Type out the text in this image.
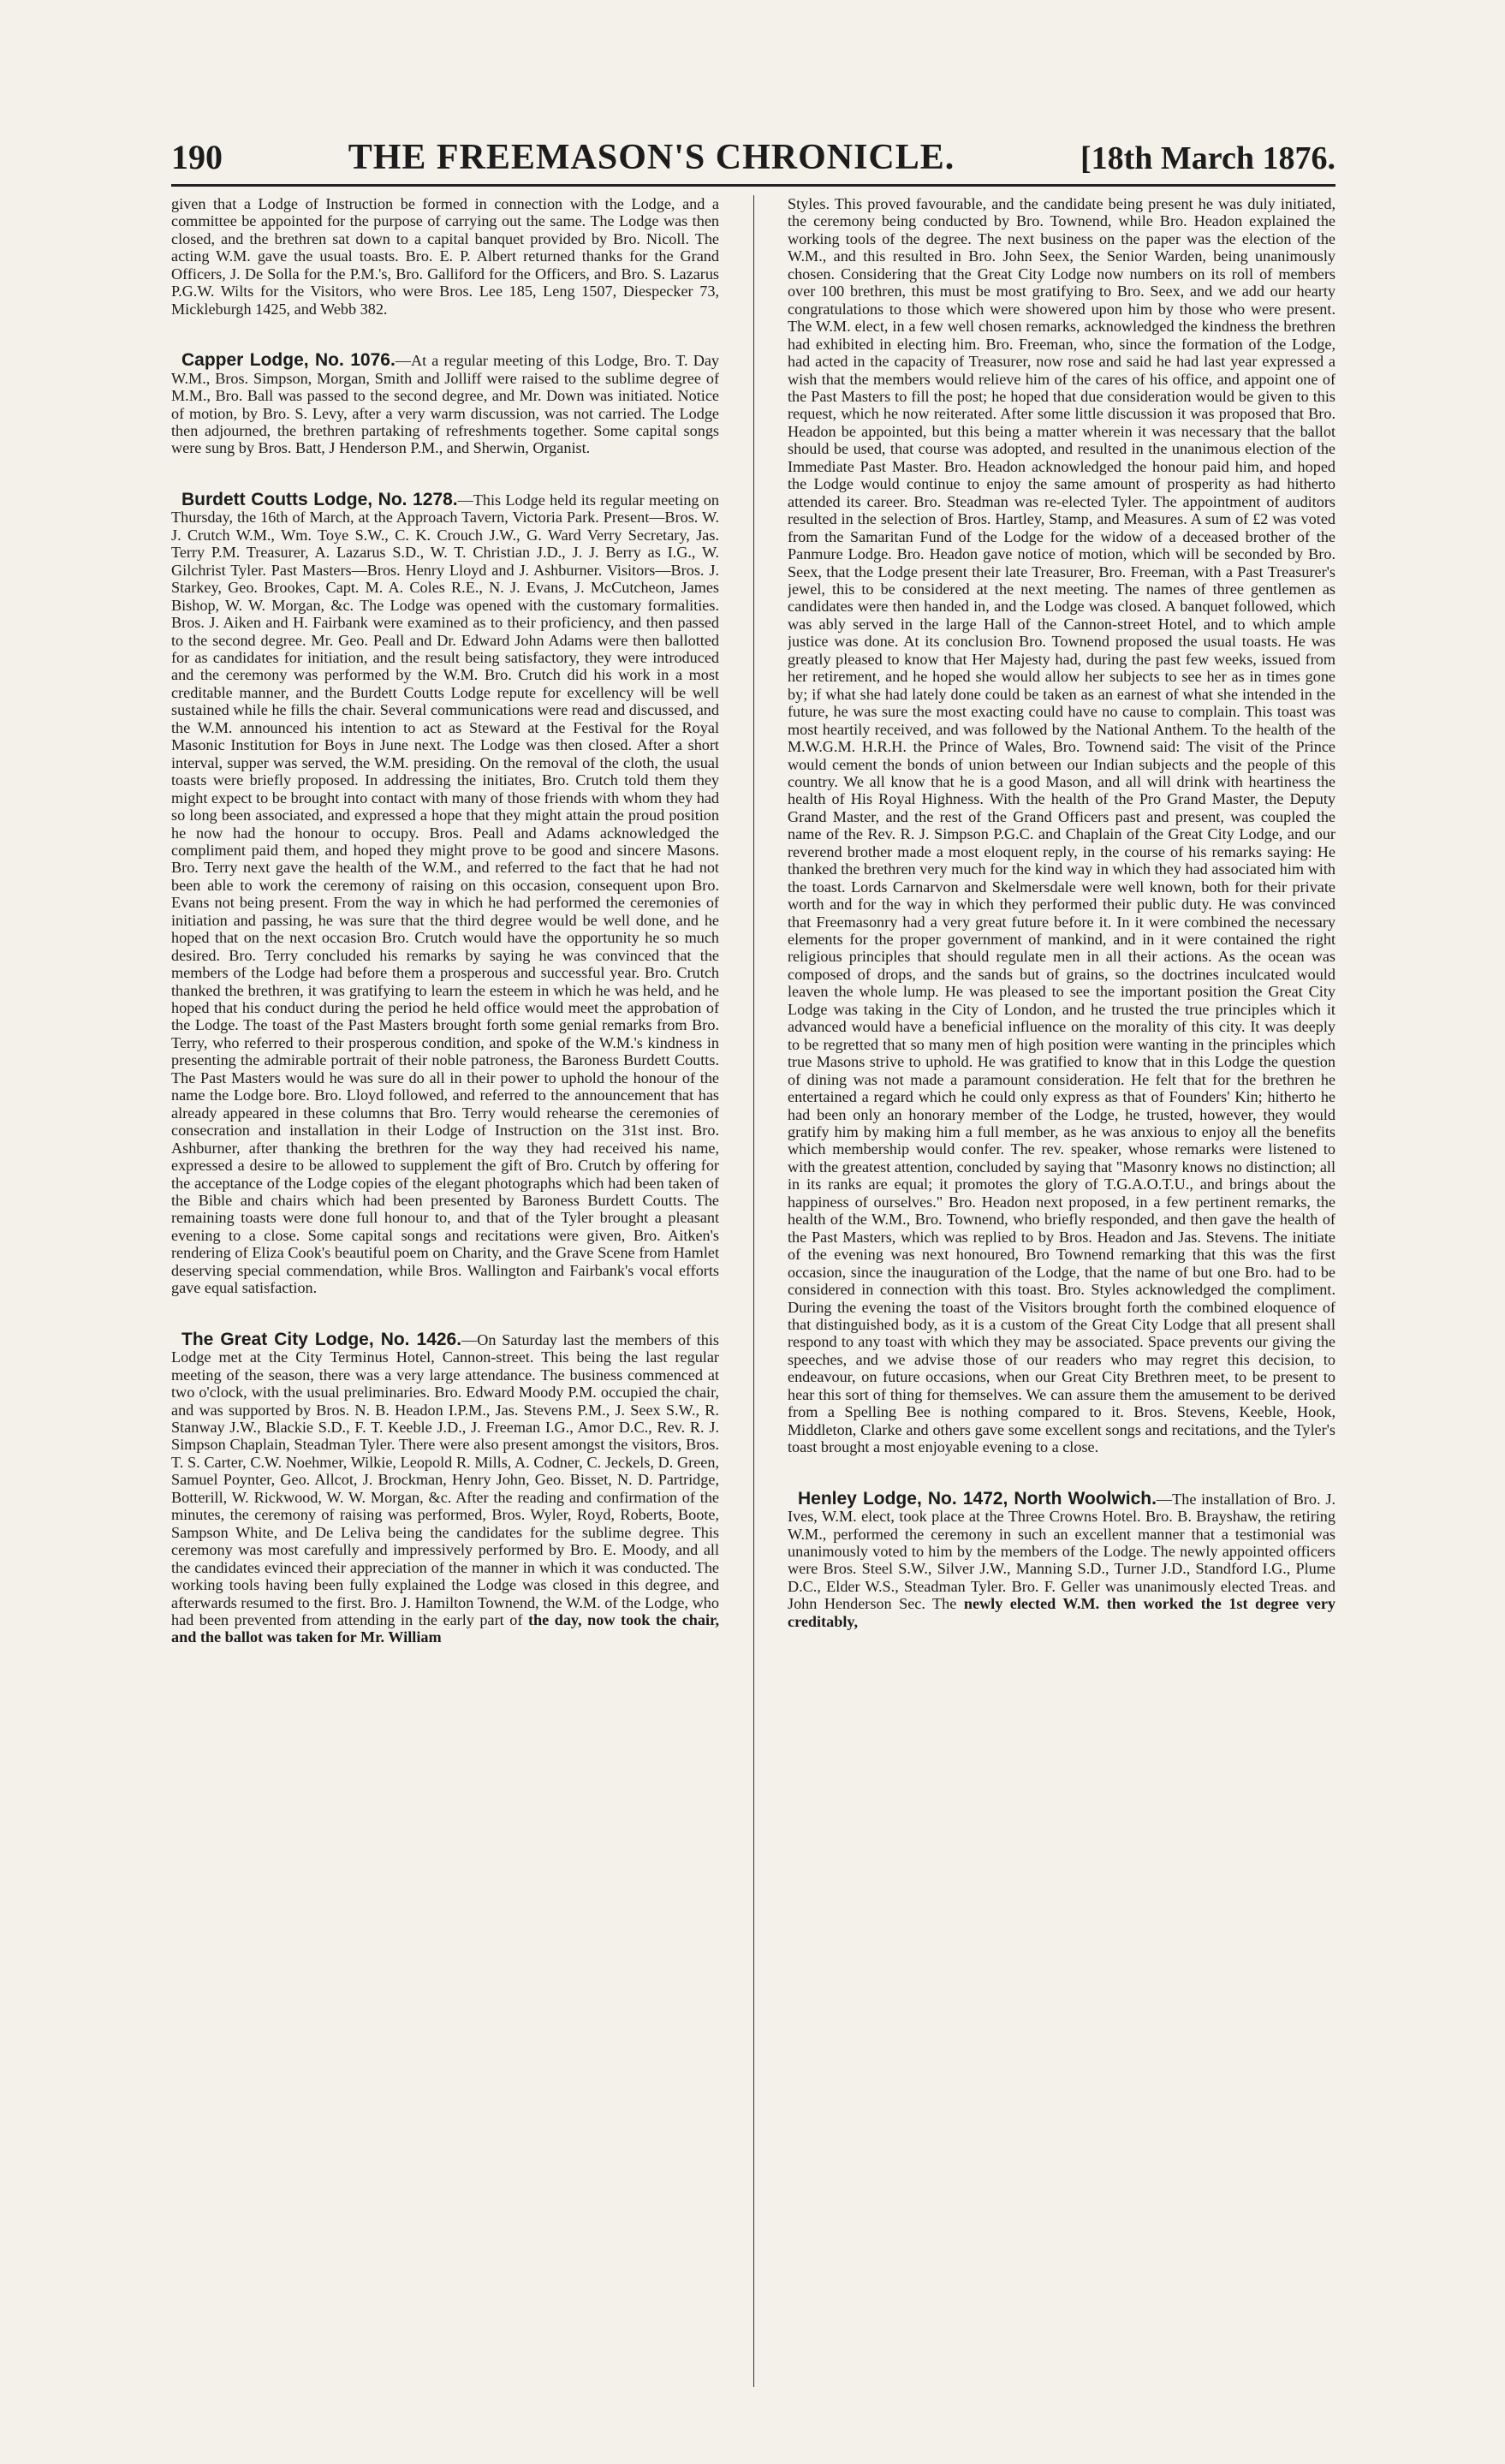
190	THE FREEMASON'S CHRONICLE.	[18th March 1876.

given that a Lodge of Instruction be formed in connection with the Lodge, and a committee be appointed for the purpose of carrying out the same. The Lodge was then closed, and the brethren sat down to a capital banquet provided by Bro. Nicoll. The acting W.M. gave the usual toasts. Bro. E. P. Albert returned thanks for the Grand Officers, J. De Solla for the P.M.'s, Bro. Galliford for the Officers, and Bro. S. Lazarus P.G.W. Wilts for the Visitors, who were Bros. Lee 185, Leng 1507, Diespecker 73, Mickleburgh 1425, and Webb 382.

Capper Lodge, No. 1076.—At a regular meeting of this Lodge, Bro. T. Day W.M., Bros. Simpson, Morgan, Smith and Jolliff were raised to the sublime degree of M.M., Bro. Ball was passed to the second degree, and Mr. Down was initiated. Notice of motion, by Bro. S. Levy, after a very warm discussion, was not carried. The Lodge then adjourned, the brethren partaking of refreshments together. Some capital songs were sung by Bros. Batt, J Henderson P.M., and Sherwin, Organist.

Burdett Coutts Lodge, No. 1278.—This Lodge held its regular meeting on Thursday, the 16th of March, at the Approach Tavern, Victoria Park. Present—Bros. W. J. Crutch W.M., Wm. Toye S.W., C. K. Crouch J.W., G. Ward Verry Secretary, Jas. Terry P.M. Treasurer, A. Lazarus S.D., W. T. Christian J.D., J. J. Berry as I.G., W. Gilchrist Tyler. Past Masters—Bros. Henry Lloyd and J. Ashburner. Visitors—Bros. J. Starkey, Geo. Brookes, Capt. M. A. Coles R.E., N. J. Evans, J. McCutcheon, James Bishop, W. W. Morgan, &c. The Lodge was opened with the customary formalities. Bros. J. Aiken and H. Fairbank were examined as to their proficiency, and then passed to the second degree. Mr. Geo. Peall and Dr. Edward John Adams were then ballotted for as candidates for initiation, and the result being satisfactory, they were introduced and the ceremony was performed by the W.M. Bro. Crutch did his work in a most creditable manner, and the Burdett Coutts Lodge repute for excellency will be well sustained while he fills the chair. Several communications were read and discussed, and the W.M. announced his intention to act as Steward at the Festival for the Royal Masonic Institution for Boys in June next. The Lodge was then closed. After a short interval, supper was served, the W.M. presiding. On the removal of the cloth, the usual toasts were briefly proposed. In addressing the initiates, Bro. Crutch told them they might expect to be brought into contact with many of those friends with whom they had so long been associated, and expressed a hope that they might attain the proud position he now had the honour to occupy. Bros. Peall and Adams acknowledged the compliment paid them, and hoped they might prove to be good and sincere Masons. Bro. Terry next gave the health of the W.M., and referred to the fact that he had not been able to work the ceremony of raising on this occasion, consequent upon Bro. Evans not being present. From the way in which he had performed the ceremonies of initiation and passing, he was sure that the third degree would be well done, and he hoped that on the next occasion Bro. Crutch would have the opportunity he so much desired. Bro. Terry concluded his remarks by saying he was convinced that the members of the Lodge had before them a prosperous and successful year. Bro. Crutch thanked the brethren, it was gratifying to learn the esteem in which he was held, and he hoped that his conduct during the period he held office would meet the approbation of the Lodge. The toast of the Past Masters brought forth some genial remarks from Bro. Terry, who referred to their prosperous condition, and spoke of the W.M.'s kindness in presenting the admirable portrait of their noble patroness, the Baroness Burdett Coutts. The Past Masters would he was sure do all in their power to uphold the honour of the name the Lodge bore. Bro. Lloyd followed, and referred to the announcement that has already appeared in these columns that Bro. Terry would rehearse the ceremonies of consecration and installation in their Lodge of Instruction on the 31st inst. Bro. Ashburner, after thanking the brethren for the way they had received his name, expressed a desire to be allowed to supplement the gift of Bro. Crutch by offering for the acceptance of the Lodge copies of the elegant photographs which had been taken of the Bible and chairs which had been presented by Baroness Burdett Coutts. The remaining toasts were done full honour to, and that of the Tyler brought a pleasant evening to a close. Some capital songs and recitations were given, Bro. Aitken's rendering of Eliza Cook's beautiful poem on Charity, and the Grave Scene from Hamlet deserving special commendation, while Bros. Wallington and Fairbank's vocal efforts gave equal satisfaction.

The Great City Lodge, No. 1426.—On Saturday last the members of this Lodge met at the City Terminus Hotel, Cannon-street. This being the last regular meeting of the season, there was a very large attendance. The business commenced at two o'clock, with the usual preliminaries. Bro. Edward Moody P.M. occupied the chair, and was supported by Bros. N. B. Headon I.P.M., Jas. Stevens P.M., J. Seex S.W., R. Stanway J.W., Blackie S.D., F. T. Keeble J.D., J. Freeman I.G., Amor D.C., Rev. R. J. Simpson Chaplain, Steadman Tyler. There were also present amongst the visitors, Bros. T. S. Carter, C.W. Noehmer, Wilkie, Leopold R. Mills, A. Codner, C. Jeckels, D. Green, Samuel Poynter, Geo. Allcot, J. Brockman, Henry John, Geo. Bisset, N. D. Partridge, Botterill, W. Rickwood, W. W. Morgan, &c. After the reading and confirmation of the minutes, the ceremony of raising was performed, Bros. Wyler, Royd, Roberts, Boote, Sampson White, and De Leliva being the candidates for the sublime degree. This ceremony was most carefully and impressively performed by Bro. E. Moody, and all the candidates evinced their appreciation of the manner in which it was conducted. The working tools having been fully explained the Lodge was closed in this degree, and afterwards resumed to the first. Bro. J. Hamilton Townend, the W.M. of the Lodge, who had been prevented from attending in the early part of the day, now took the chair, and the ballot was taken for Mr. William

Styles. This proved favourable, and the candidate being present he was duly initiated, the ceremony being conducted by Bro. Townend, while Bro. Headon explained the working tools of the degree. The next business on the paper was the election of the W.M., and this resulted in Bro. John Seex, the Senior Warden, being unanimously chosen. Considering that the Great City Lodge now numbers on its roll of members over 100 brethren, this must be most gratifying to Bro. Seex, and we add our hearty congratulations to those which were showered upon him by those who were present. The W.M. elect, in a few well chosen remarks, acknowledged the kindness the brethren had exhibited in electing him. Bro. Freeman, who, since the formation of the Lodge, had acted in the capacity of Treasurer, now rose and said he had last year expressed a wish that the members would relieve him of the cares of his office, and appoint one of the Past Masters to fill the post; he hoped that due consideration would be given to this request, which he now reiterated. After some little discussion it was proposed that Bro. Headon be appointed, but this being a matter wherein it was necessary that the ballot should be used, that course was adopted, and resulted in the unanimous election of the Immediate Past Master. Bro. Headon acknowledged the honour paid him, and hoped the Lodge would continue to enjoy the same amount of prosperity as had hitherto attended its career. Bro. Steadman was re-elected Tyler. The appointment of auditors resulted in the selection of Bros. Hartley, Stamp, and Measures. A sum of £2 was voted from the Samaritan Fund of the Lodge for the widow of a deceased brother of the Panmure Lodge. Bro. Headon gave notice of motion, which will be seconded by Bro. Seex, that the Lodge present their late Treasurer, Bro. Freeman, with a Past Treasurer's jewel, this to be considered at the next meeting. The names of three gentlemen as candidates were then handed in, and the Lodge was closed. A banquet followed, which was ably served in the large Hall of the Cannon-street Hotel, and to which ample justice was done. At its conclusion Bro. Townend proposed the usual toasts. He was greatly pleased to know that Her Majesty had, during the past few weeks, issued from her retirement, and he hoped she would allow her subjects to see her as in times gone by; if what she had lately done could be taken as an earnest of what she intended in the future, he was sure the most exacting could have no cause to complain. This toast was most heartily received, and was followed by the National Anthem. To the health of the M.W.G.M. H.R.H. the Prince of Wales, Bro. Townend said: The visit of the Prince would cement the bonds of union between our Indian subjects and the people of this country. We all know that he is a good Mason, and all will drink with heartiness the health of His Royal Highness. With the health of the Pro Grand Master, the Deputy Grand Master, and the rest of the Grand Officers past and present, was coupled the name of the Rev. R. J. Simpson P.G.C. and Chaplain of the Great City Lodge, and our reverend brother made a most eloquent reply, in the course of his remarks saying: He thanked the brethren very much for the kind way in which they had associated him with the toast. Lords Carnarvon and Skelmersdale were well known, both for their private worth and for the way in which they performed their public duty. He was convinced that Freemasonry had a very great future before it. In it were combined the necessary elements for the proper government of mankind, and in it were contained the right religious principles that should regulate men in all their actions. As the ocean was composed of drops, and the sands but of grains, so the doctrines inculcated would leaven the whole lump. He was pleased to see the important position the Great City Lodge was taking in the City of London, and he trusted the true principles which it advanced would have a beneficial influence on the morality of this city. It was deeply to be regretted that so many men of high position were wanting in the principles which true Masons strive to uphold. He was gratified to know that in this Lodge the question of dining was not made a paramount consideration. He felt that for the brethren he entertained a regard which he could only express as that of Founders' Kin; hitherto he had been only an honorary member of the Lodge, he trusted, however, they would gratify him by making him a full member, as he was anxious to enjoy all the benefits which membership would confer. The rev. speaker, whose remarks were listened to with the greatest attention, concluded by saying that "Masonry knows no distinction; all in its ranks are equal; it promotes the glory of T.G.A.O.T.U., and brings about the happiness of ourselves." Bro. Headon next proposed, in a few pertinent remarks, the health of the W.M., Bro. Townend, who briefly responded, and then gave the health of the Past Masters, which was replied to by Bros. Headon and Jas. Stevens. The initiate of the evening was next honoured, Bro Townend remarking that this was the first occasion, since the inauguration of the Lodge, that the name of but one Bro. had to be considered in connection with this toast. Bro. Styles acknowledged the compliment. During the evening the toast of the Visitors brought forth the combined eloquence of that distinguished body, as it is a custom of the Great City Lodge that all present shall respond to any toast with which they may be associated. Space prevents our giving the speeches, and we advise those of our readers who may regret this decision, to endeavour, on future occasions, when our Great City Brethren meet, to be present to hear this sort of thing for themselves. We can assure them the amusement to be derived from a Spelling Bee is nothing compared to it. Bros. Stevens, Keeble, Hook, Middleton, Clarke and others gave some excellent songs and recitations, and the Tyler's toast brought a most enjoyable evening to a close.

Henley Lodge, No. 1472, North Woolwich.—The installation of Bro. J. Ives, W.M. elect, took place at the Three Crowns Hotel. Bro. B. Brayshaw, the retiring W.M., performed the ceremony in such an excellent manner that a testimonial was unanimously voted to him by the members of the Lodge. The newly appointed officers were Bros. Steel S.W., Silver J.W., Manning S.D., Turner J.D., Standford I.G., Plume D.C., Elder W.S., Steadman Tyler. Bro. F. Geller was unanimously elected Treas. and John Henderson Sec. The newly elected W.M. then worked the 1st degree very creditably,
